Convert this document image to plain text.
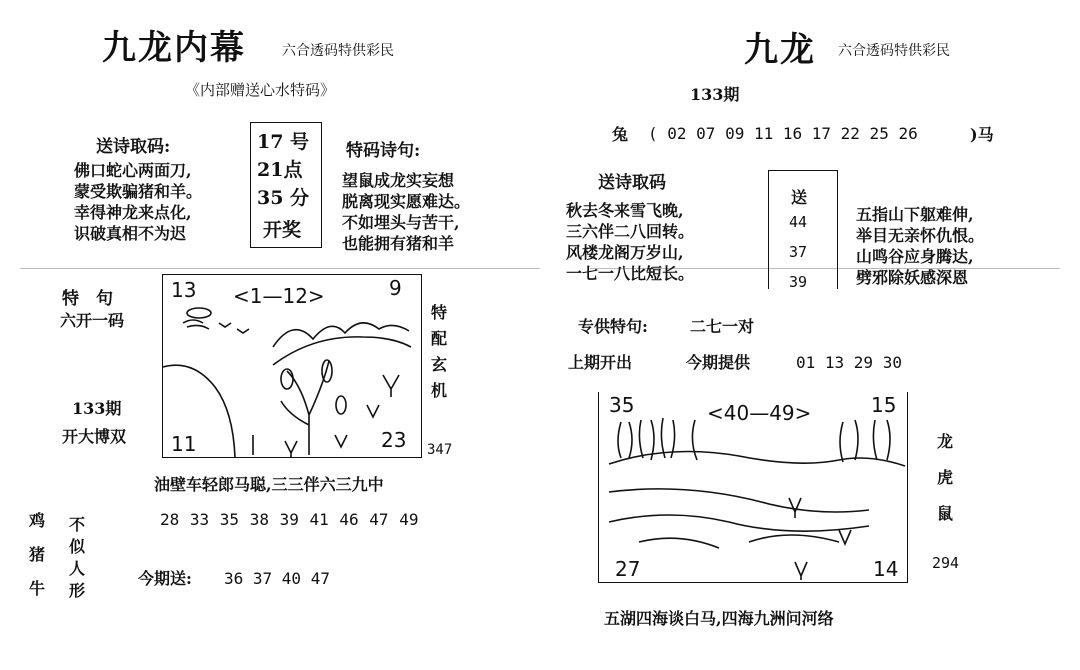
九龙内幕	六合透码特供彩民
《内部赠送心水特码》
送诗取码:
佛口蛇心两面刀,
蒙受欺骗猪和羊。
幸得神龙来点化,
识破真相不为迟
17 号
21点
35 分
开奖
特码诗句:
望鼠成龙实妄想
脱离现实愿难达。
不如埋头与苦干,
也能拥有猪和羊
特　句
六开一码
133期
开大博双
13 <1—12>	9
11	23
特配玄机
347
油壁车轻郎马聪,三三伴六三九中
28 33 35 38 39 41 46 47 49
鸡猪牛
不似人形
今期送: 36 37 40 47
九龙 六合透码特供彩民
133期
兔 ( 02 07 09 11 16 17 22 25 26	)马
送诗取码
秋去冬来雪飞晚,
三六伴二八回转。
风楼龙阁万岁山,
一七一八比短长。
送
44
37
39
五指山下躯难伸,
举目无亲怀仇恨。
山鸣谷应身腾达,
劈邪除妖感深恩
专供特句:	二七一对
上期开出	今期提供	01 13 29 30
35	<40—49>	15
27	14
龙虎鼠
294
五湖四海谈白马,四海九洲问河络
